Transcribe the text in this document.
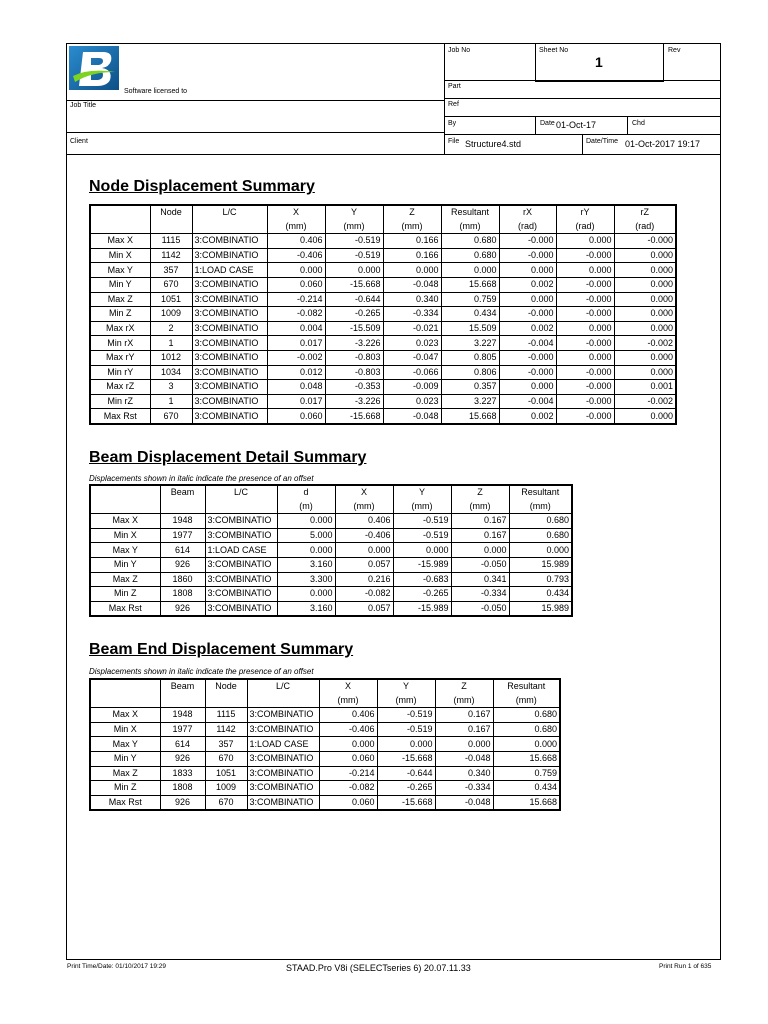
Software licensed to
Job Title
Client
Job No	Sheet No
1
Rev
Part
Ref
By	Date 01-Oct-17	Chd
File Structure4.std	Date/Time 01-Oct-2017 19:17
Node Displacement Summary
	Node	L/C	X	Y	Z	Resultant	rX	rY	rZ
			(mm)	(mm)	(mm)	(mm)	(rad)	(rad)	(rad)
Max X	1115	3:COMBINATIO	0.406	-0.519	0.166	0.680	-0.000	0.000	-0.000
Min X	1142	3:COMBINATIO	-0.406	-0.519	0.166	0.680	-0.000	-0.000	0.000
Max Y	357	1:LOAD CASE	0.000	0.000	0.000	0.000	0.000	0.000	0.000
Min Y	670	3:COMBINATIO	0.060	-15.668	-0.048	15.668	0.002	-0.000	0.000
Max Z	1051	3:COMBINATIO	-0.214	-0.644	0.340	0.759	0.000	-0.000	0.000
Min Z	1009	3:COMBINATIO	-0.082	-0.265	-0.334	0.434	-0.000	-0.000	0.000
Max rX	2	3:COMBINATIO	0.004	-15.509	-0.021	15.509	0.002	0.000	0.000
Min rX	1	3:COMBINATIO	0.017	-3.226	0.023	3.227	-0.004	-0.000	-0.002
Max rY	1012	3:COMBINATIO	-0.002	-0.803	-0.047	0.805	-0.000	0.000	0.000
Min rY	1034	3:COMBINATIO	0.012	-0.803	-0.066	0.806	-0.000	-0.000	0.000
Max rZ	3	3:COMBINATIO	0.048	-0.353	-0.009	0.357	0.000	-0.000	0.001
Min rZ	1	3:COMBINATIO	0.017	-3.226	0.023	3.227	-0.004	-0.000	-0.002
Max Rst	670	3:COMBINATIO	0.060	-15.668	-0.048	15.668	0.002	-0.000	0.000
Beam Displacement Detail Summary
Displacements shown in italic indicate the presence of an offset
	Beam	L/C	d	X	Y	Z	Resultant
			(m)	(mm)	(mm)	(mm)	(mm)
Max X	1948	3:COMBINATIO	0.000	0.406	-0.519	0.167	0.680
Min X	1977	3:COMBINATIO	5.000	-0.406	-0.519	0.167	0.680
Max Y	614	1:LOAD CASE	0.000	0.000	0.000	0.000	0.000
Min Y	926	3:COMBINATIO	3.160	0.057	-15.989	-0.050	15.989
Max Z	1860	3:COMBINATIO	3.300	0.216	-0.683	0.341	0.793
Min Z	1808	3:COMBINATIO	0.000	-0.082	-0.265	-0.334	0.434
Max Rst	926	3:COMBINATIO	3.160	0.057	-15.989	-0.050	15.989
Beam End Displacement Summary
Displacements shown in italic indicate the presence of an offset
	Beam	Node	L/C	X	Y	Z	Resultant
				(mm)	(mm)	(mm)	(mm)
Max X	1948	1115	3:COMBINATIO	0.406	-0.519	0.167	0.680
Min X	1977	1142	3:COMBINATIO	-0.406	-0.519	0.167	0.680
Max Y	614	357	1:LOAD CASE	0.000	0.000	0.000	0.000
Min Y	926	670	3:COMBINATIO	0.060	-15.668	-0.048	15.668
Max Z	1833	1051	3:COMBINATIO	-0.214	-0.644	0.340	0.759
Min Z	1808	1009	3:COMBINATIO	-0.082	-0.265	-0.334	0.434
Max Rst	926	670	3:COMBINATIO	0.060	-15.668	-0.048	15.668
Print Time/Date: 01/10/2017 19:29	STAAD.Pro V8i (SELECTseries 6) 20.07.11.33	Print Run 1 of 635
